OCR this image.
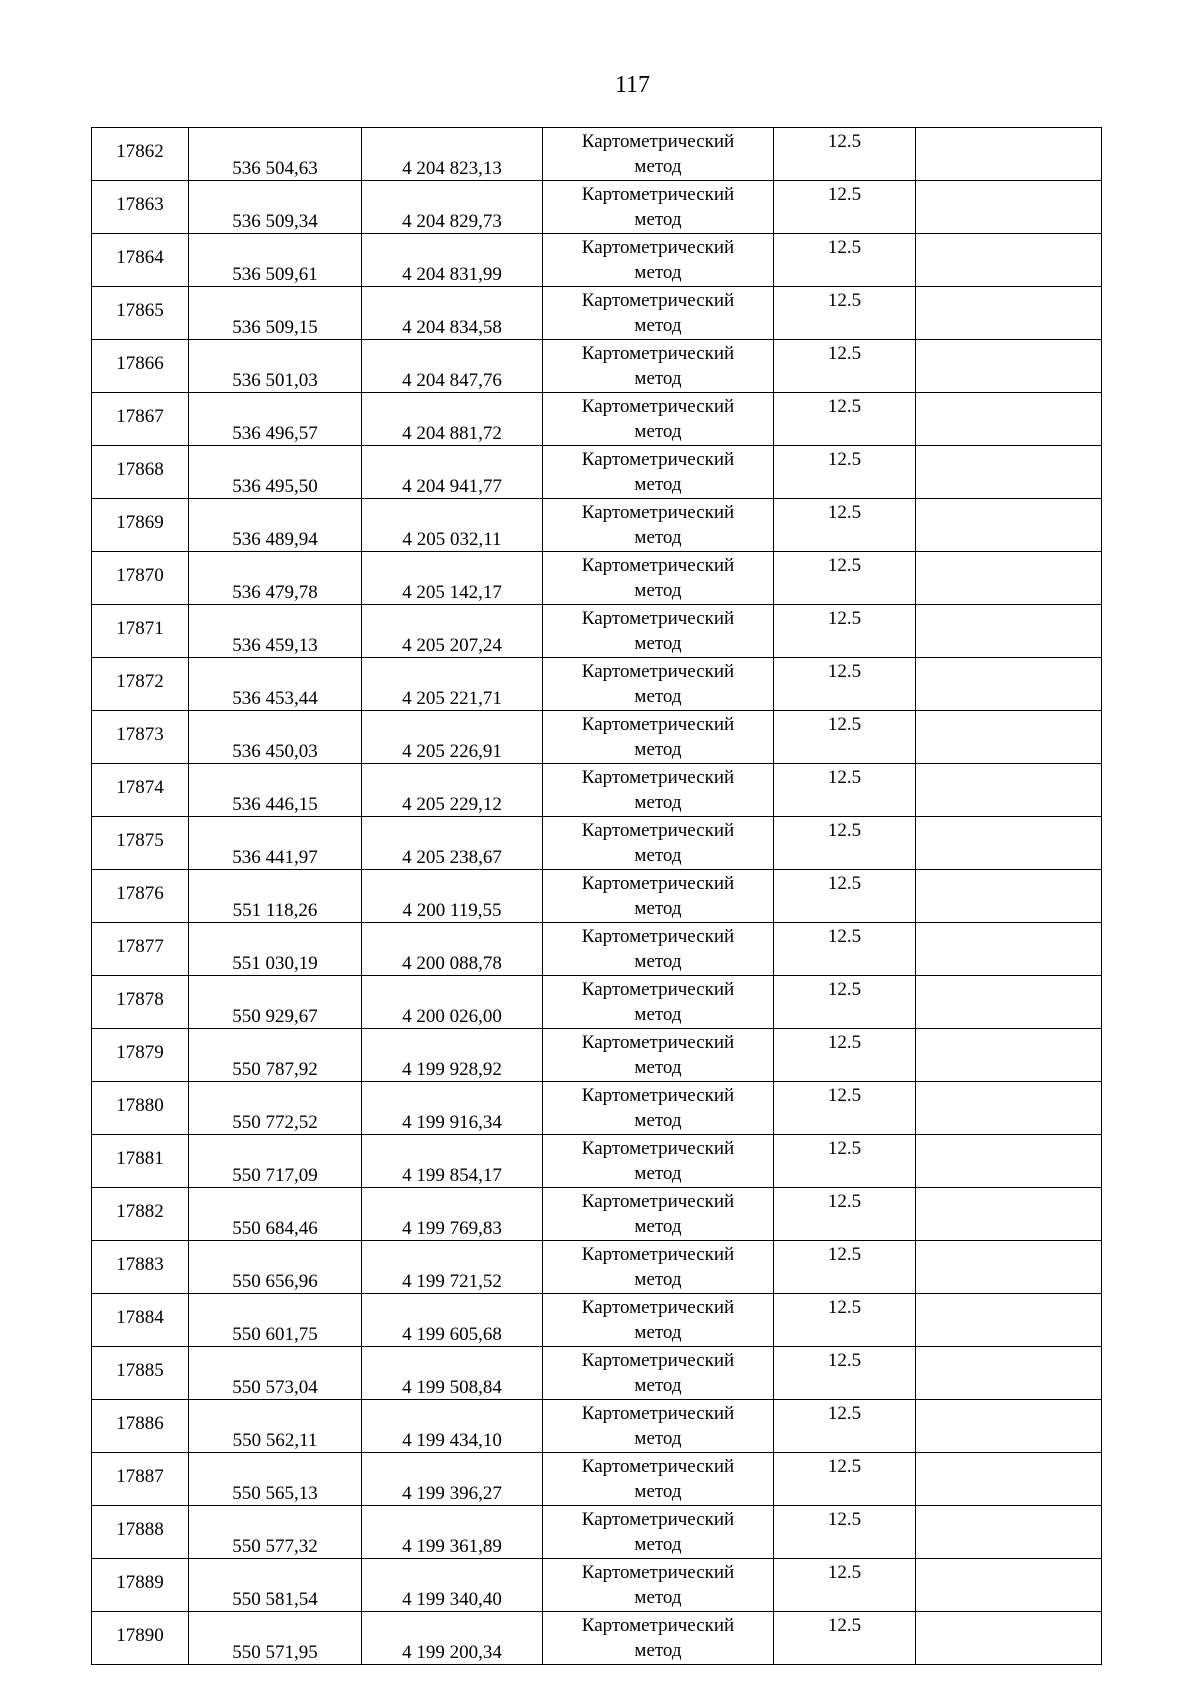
117
17862	536 504,63	4 204 823,13	Картометрический
метод	12.5	

17863	536 509,34	4 204 829,73	Картометрический
метод	12.5	

17864	536 509,61	4 204 831,99	Картометрический
метод	12.5	

17865	536 509,15	4 204 834,58	Картометрический
метод	12.5	

17866	536 501,03	4 204 847,76	Картометрический
метод	12.5	

17867	536 496,57	4 204 881,72	Картометрический
метод	12.5	

17868	536 495,50	4 204 941,77	Картометрический
метод	12.5	

17869	536 489,94	4 205 032,11	Картометрический
метод	12.5	

17870	536 479,78	4 205 142,17	Картометрический
метод	12.5	

17871	536 459,13	4 205 207,24	Картометрический
метод	12.5	

17872	536 453,44	4 205 221,71	Картометрический
метод	12.5	

17873	536 450,03	4 205 226,91	Картометрический
метод	12.5	

17874	536 446,15	4 205 229,12	Картометрический
метод	12.5	

17875	536 441,97	4 205 238,67	Картометрический
метод	12.5	

17876	551 118,26	4 200 119,55	Картометрический
метод	12.5	

17877	551 030,19	4 200 088,78	Картометрический
метод	12.5	

17878	550 929,67	4 200 026,00	Картометрический
метод	12.5	

17879	550 787,92	4 199 928,92	Картометрический
метод	12.5	

17880	550 772,52	4 199 916,34	Картометрический
метод	12.5	

17881	550 717,09	4 199 854,17	Картометрический
метод	12.5	

17882	550 684,46	4 199 769,83	Картометрический
метод	12.5	

17883	550 656,96	4 199 721,52	Картометрический
метод	12.5	

17884	550 601,75	4 199 605,68	Картометрический
метод	12.5	

17885	550 573,04	4 199 508,84	Картометрический
метод	12.5	

17886	550 562,11	4 199 434,10	Картометрический
метод	12.5	

17887	550 565,13	4 199 396,27	Картометрический
метод	12.5	

17888	550 577,32	4 199 361,89	Картометрический
метод	12.5	

17889	550 581,54	4 199 340,40	Картометрический
метод	12.5	

17890	550 571,95	4 199 200,34	Картометрический
метод	12.5	
